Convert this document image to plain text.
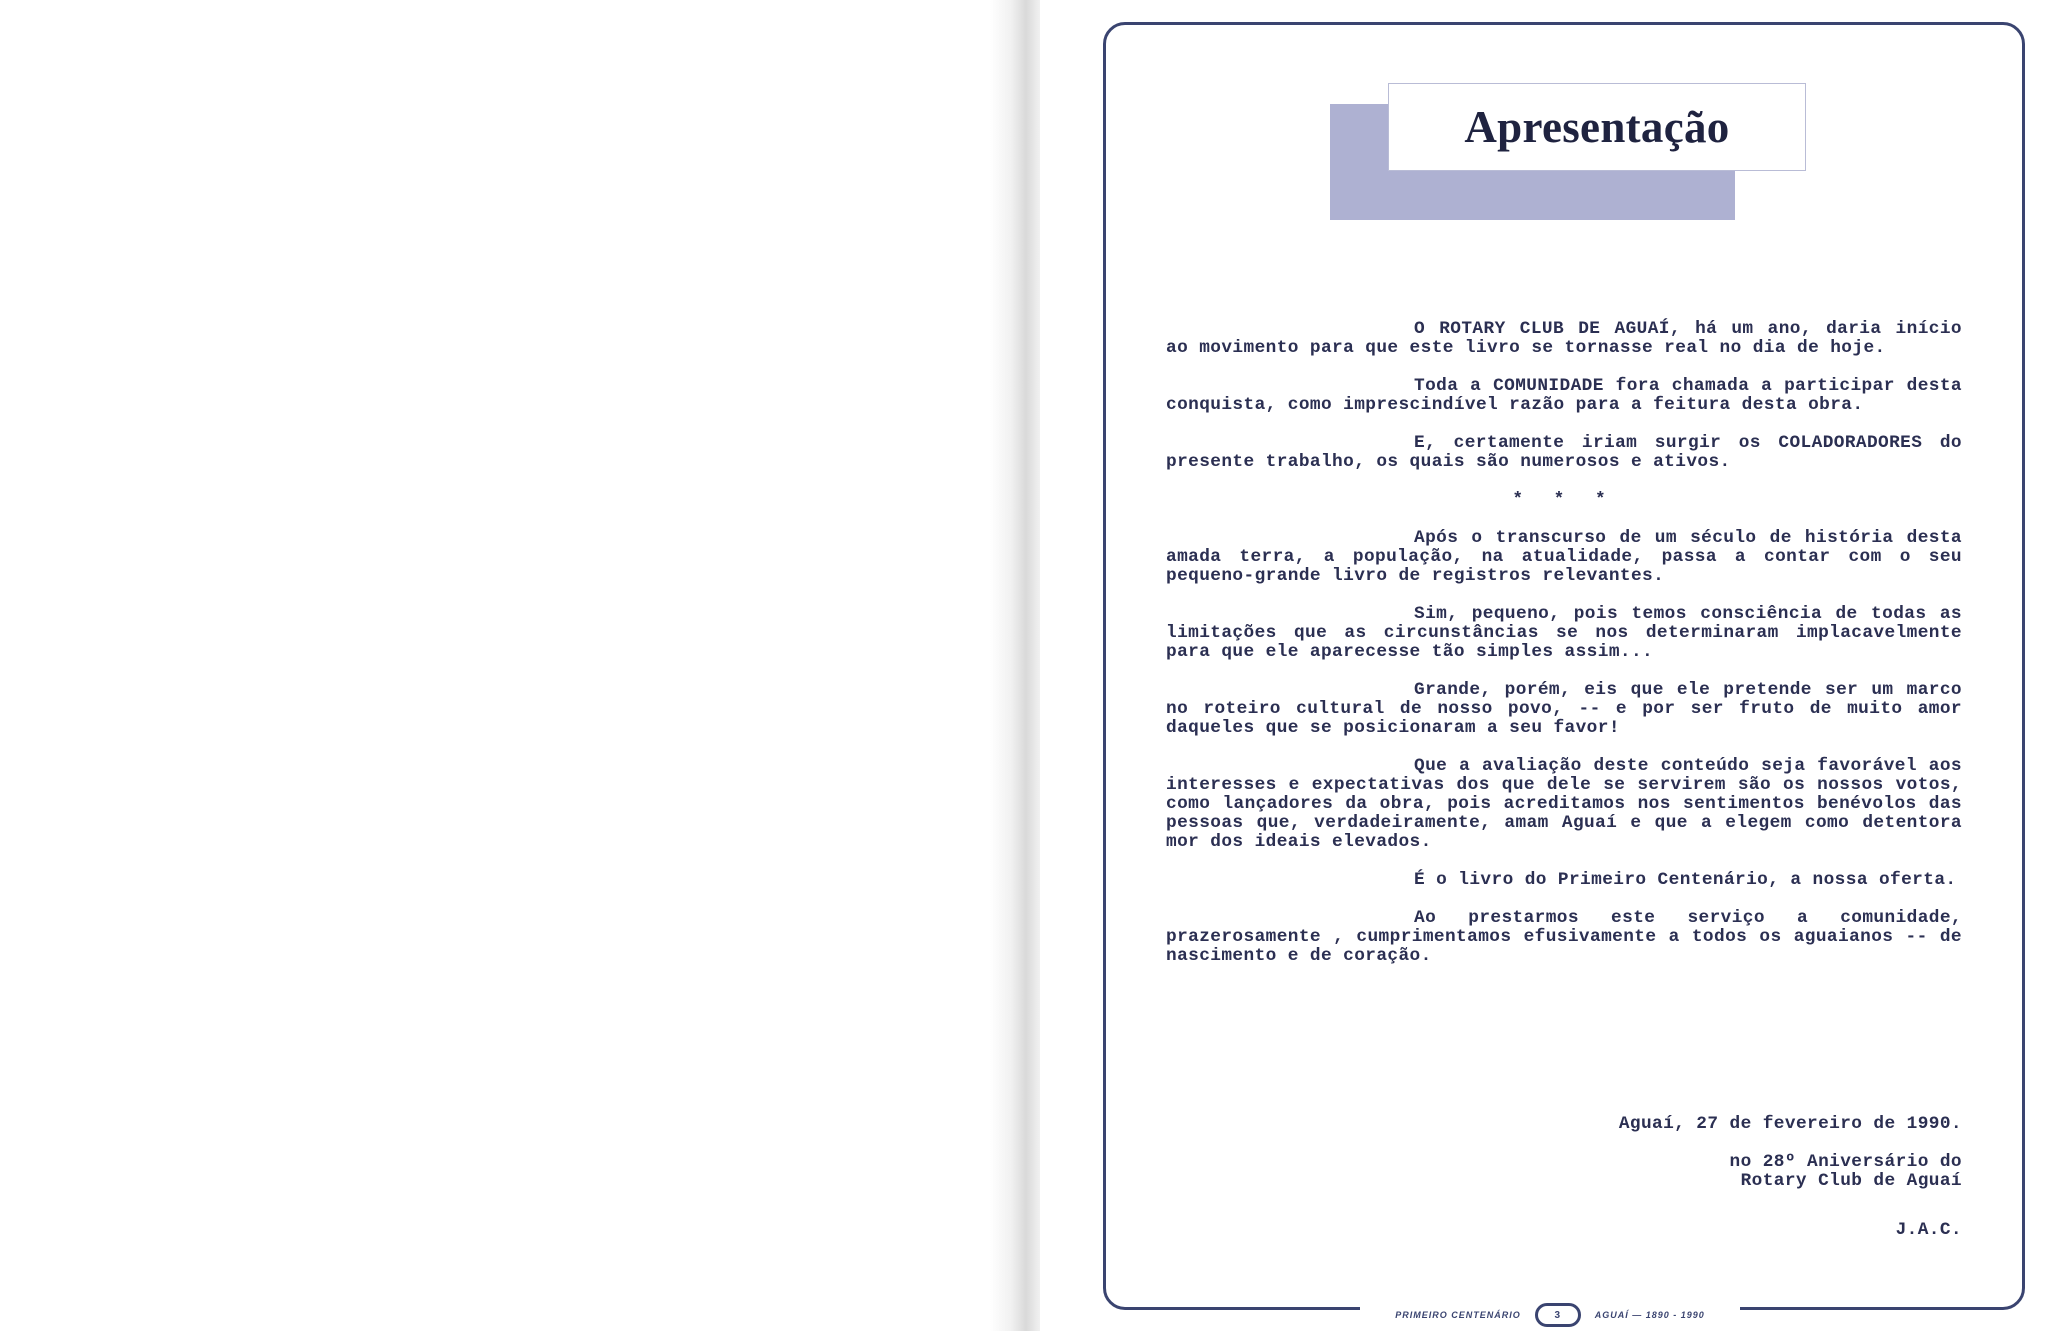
Apresentação

O ROTARY CLUB DE AGUAÍ, há um ano, daria início ao movimento para que este livro se tornasse real no dia de hoje.

Toda a COMUNIDADE fora chamada a participar desta conquista, como imprescindível razão para a feitura desta obra.

E, certamente iriam surgir os COLADORADORES do presente trabalho, os quais são numerosos e ativos.

* * *

Após o transcurso de um século de história desta amada terra, a população, na atualidade, passa a contar com o seu pequeno-grande livro de registros relevantes.

Sim, pequeno, pois temos consciência de todas as limitações que as circunstâncias se nos determinaram implacavelmente para que ele aparecesse tão simples assim...

Grande, porém, eis que ele pretende ser um marco no roteiro cultural de nosso povo, -- e por ser fruto de muito amor daqueles que se posicionaram a seu favor!

Que a avaliação deste conteúdo seja favorável aos interesses e expectativas dos que dele se servirem são os nossos votos, como lançadores da obra, pois acreditamos nos sentimentos benévolos das pessoas que, verdadeiramente, amam Aguaí e que a elegem como detentora mor dos ideais elevados.

É o livro do Primeiro Centenário, a nossa oferta.

Ao prestarmos este serviço a comunidade, prazerosamente , cumprimentamos efusivamente a todos os aguaianos -- de nascimento e de coração.

Aguaí, 27 de fevereiro de 1990.
no 28º Aniversário do
Rotary Club de Aguaí
J.A.C.
PRIMEIRO CENTENÁRIO	3	AGUAÍ — 1890 - 1990
